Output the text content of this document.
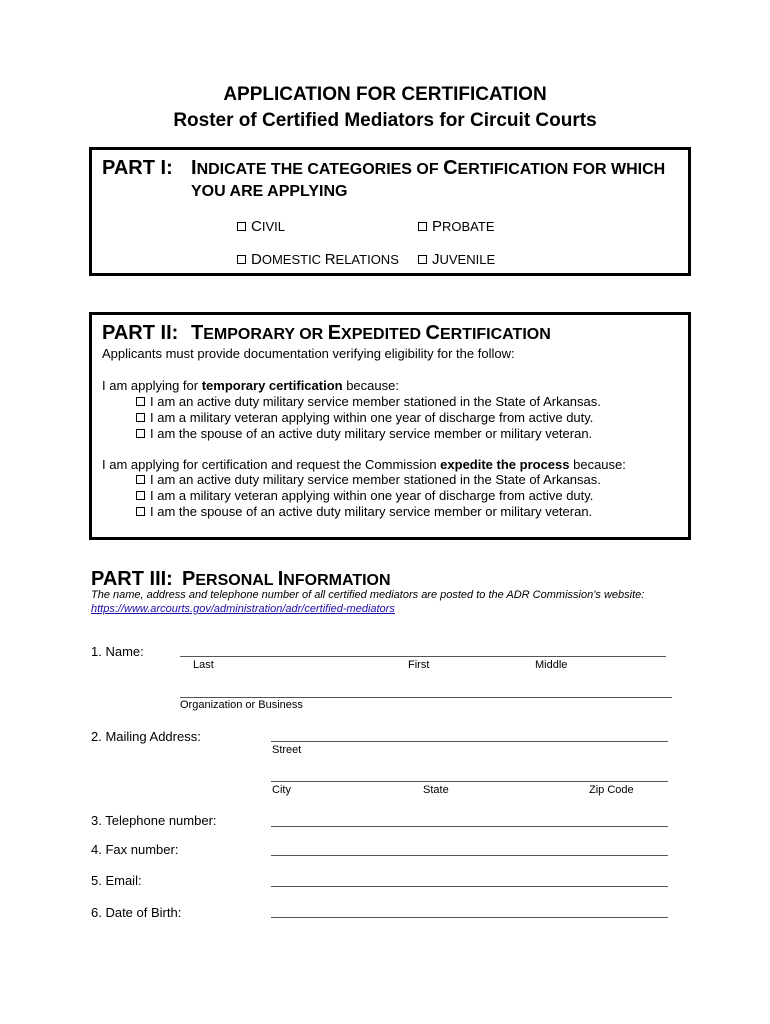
APPLICATION FOR CERTIFICATION
Roster of Certified Mediators for Circuit Courts
PART I: INDICATE THE CATEGORIES OF CERTIFICATION FOR WHICH
YOU ARE APPLYING
CIVIL	PROBATE
DOMESTIC RELATIONS	JUVENILE
PART II: TEMPORARY OR EXPEDITED CERTIFICATION
Applicants must provide documentation verifying eligibility for the follow:
I am applying for temporary certification because:
I am an active duty military service member stationed in the State of Arkansas.
I am a military veteran applying within one year of discharge from active duty.
I am the spouse of an active duty military service member or military veteran.
I am applying for certification and request the Commission expedite the process because:
I am an active duty military service member stationed in the State of Arkansas.
I am a military veteran applying within one year of discharge from active duty.
I am the spouse of an active duty military service member or military veteran.
PART III: PERSONAL INFORMATION
The name, address and telephone number of all certified mediators are posted to the ADR Commission’s website:
https://www.arcourts.gov/administration/adr/certified-mediators
1. Name:
Last	First	Middle
Organization or Business
2. Mailing Address:
Street
City	State	Zip Code
3. Telephone number:
4. Fax number:
5. Email:
6. Date of Birth:
